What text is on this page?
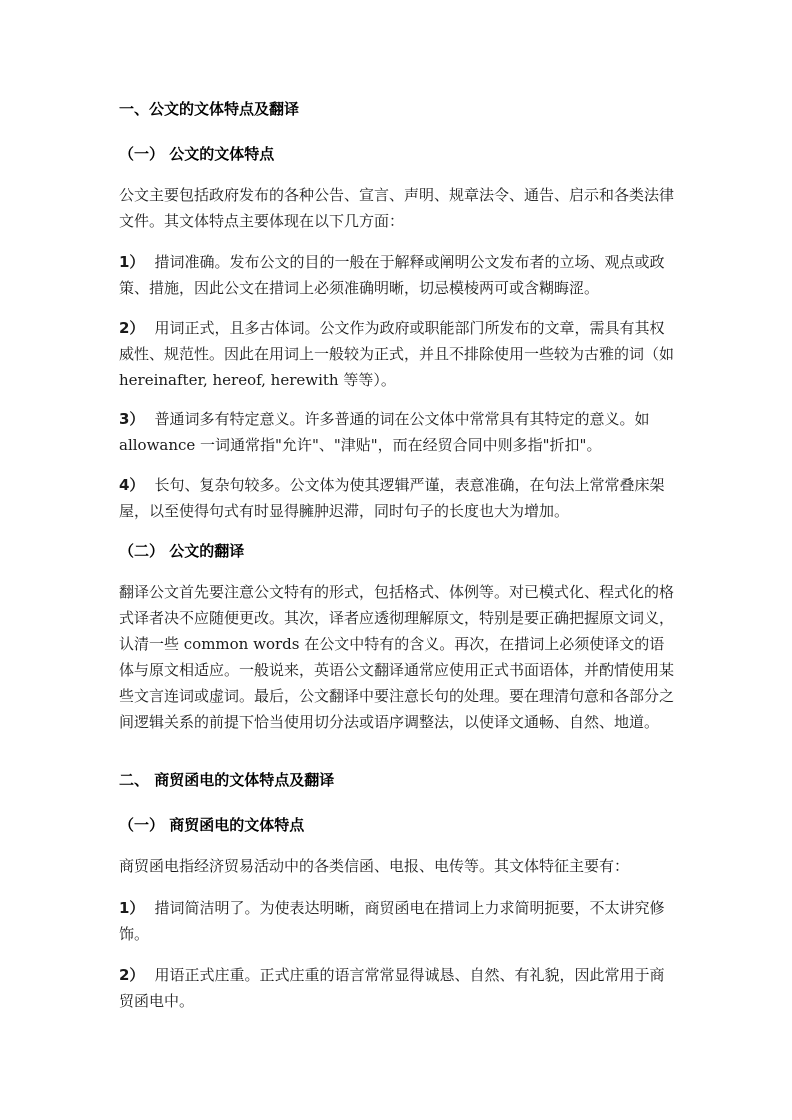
一、公文的文体特点及翻译
（一） 公文的文体特点

公文主要包括政府发布的各种公告、宣言、声明、规章法令、通告、启示和各类法律文件。其文体特点主要体现在以下几方面：

1） 措词准确。发布公文的目的一般在于解释或阐明公文发布者的立场、观点或政策、措施，因此公文在措词上必须准确明晰，切忌模棱两可或含糊晦涩。

2） 用词正式，且多古体词。公文作为政府或职能部门所发布的文章，需具有其权威性、规范性。因此在用词上一般较为正式，并且不排除使用一些较为古雅的词（如 hereinafter, hereof, herewith 等等）。

3） 普通词多有特定意义。许多普通的词在公文体中常常具有其特定的意义。如 allowance 一词通常指"允许"、"津贴"，而在经贸合同中则多指"折扣"。

4） 长句、复杂句较多。公文体为使其逻辑严谨，表意准确，在句法上常常叠床架屋，以至使得句式有时显得臃肿迟滞，同时句子的长度也大为增加。

（二） 公文的翻译

翻译公文首先要注意公文特有的形式，包括格式、体例等。对已模式化、程式化的格式译者决不应随便更改。其次，译者应透彻理解原文，特别是要正确把握原文词义，认清一些 common words 在公文中特有的含义。再次，在措词上必须使译文的语体与原文相适应。一般说来，英语公文翻译通常应使用正式书面语体，并酌情使用某些文言连词或虚词。最后，公文翻译中要注意长句的处理。要在理清句意和各部分之间逻辑关系的前提下恰当使用切分法或语序调整法，以使译文通畅、自然、地道。

二、 商贸函电的文体特点及翻译
（一） 商贸函电的文体特点

商贸函电指经济贸易活动中的各类信函、电报、电传等。其文体特征主要有：

1） 措词简洁明了。为使表达明晰，商贸函电在措词上力求简明扼要，不太讲究修饰。

2） 用语正式庄重。正式庄重的语言常常显得诚恳、自然、有礼貌，因此常用于商贸函电中。
